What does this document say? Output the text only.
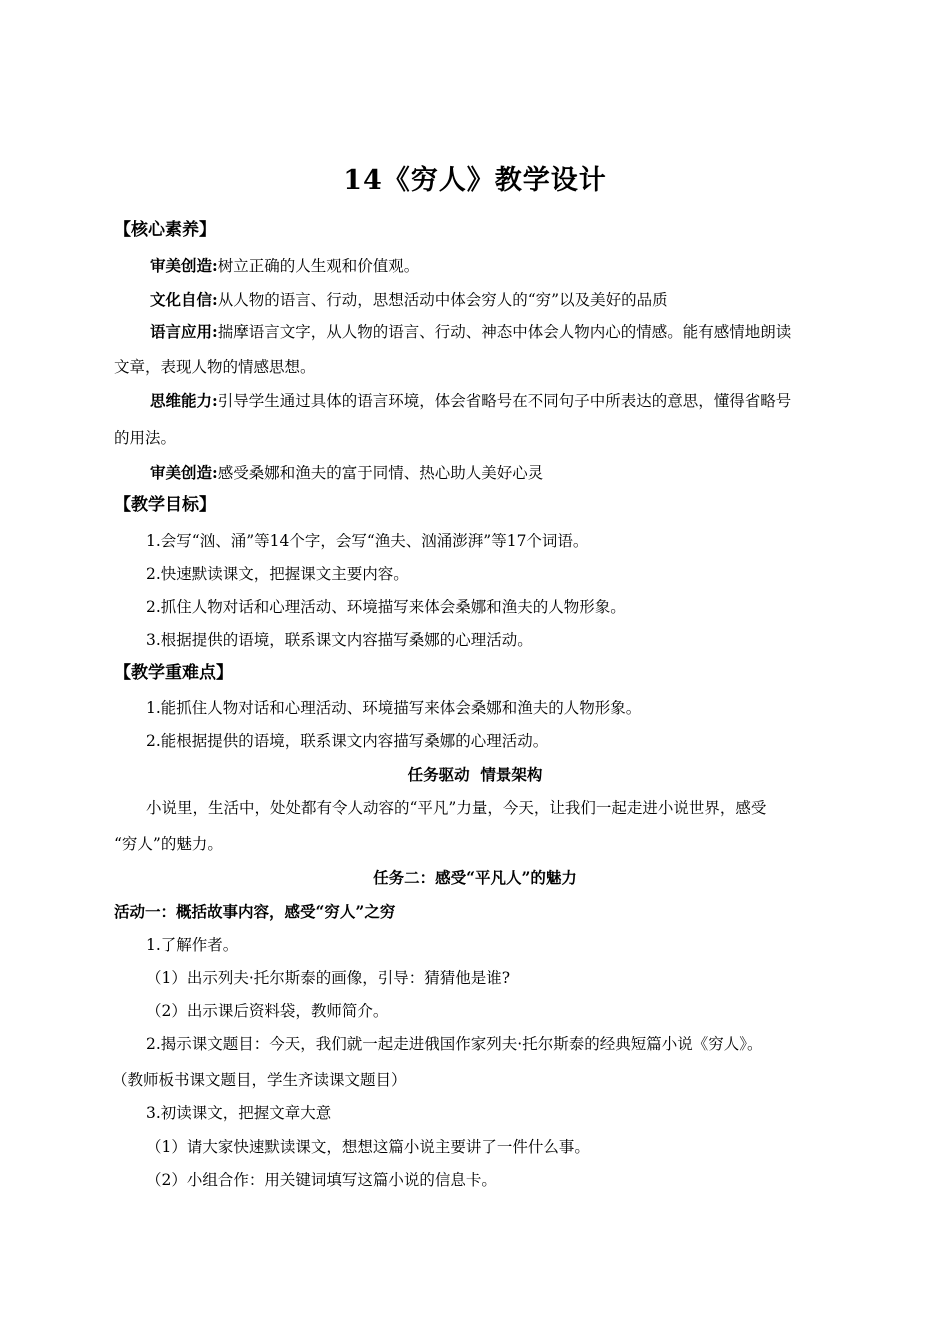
14《穷人》教学设计
【核心素养】
审美创造:树立正确的人生观和价值观。
文化自信:从人物的语言、行动，思想活动中体会穷人的“穷”以及美好的品质
语言应用:揣摩语言文字，从人物的语言、行动、神态中体会人物内心的情感。能有感情地朗读
文章，表现人物的情感思想。
思维能力:引导学生通过具体的语言环境，体会省略号在不同句子中所表达的意思，懂得省略号
的用法。
审美创造:感受桑娜和渔夫的富于同情、热心助人美好心灵
【教学目标】
1.会写“汹、涌”等14个字，会写“渔夫、汹涌澎湃”等17个词语。
2.快速默读课文，把握课文主要内容。
2.抓住人物对话和心理活动、环境描写来体会桑娜和渔夫的人物形象。
3.根据提供的语境，联系课文内容描写桑娜的心理活动。
【教学重难点】
1.能抓住人物对话和心理活动、环境描写来体会桑娜和渔夫的人物形象。
2.能根据提供的语境，联系课文内容描写桑娜的心理活动。
任务驱动  情景架构
小说里，生活中，处处都有令人动容的“平凡”力量，今天，让我们一起走进小说世界，感受
“穷人”的魅力。
任务二：感受“平凡人”的魅力
活动一：概括故事内容，感受“穷人”之穷
1.了解作者。
（1）出示列夫·托尔斯泰的画像，引导：猜猜他是谁?
（2）出示课后资料袋，教师简介。
2.揭示课文题目：今天，我们就一起走进俄国作家列夫·托尔斯泰的经典短篇小说《穷人》。
（教师板书课文题目，学生齐读课文题目）
3.初读课文，把握文章大意
（1）请大家快速默读课文，想想这篇小说主要讲了一件什么事。
（2）小组合作：用关键词填写这篇小说的信息卡。
